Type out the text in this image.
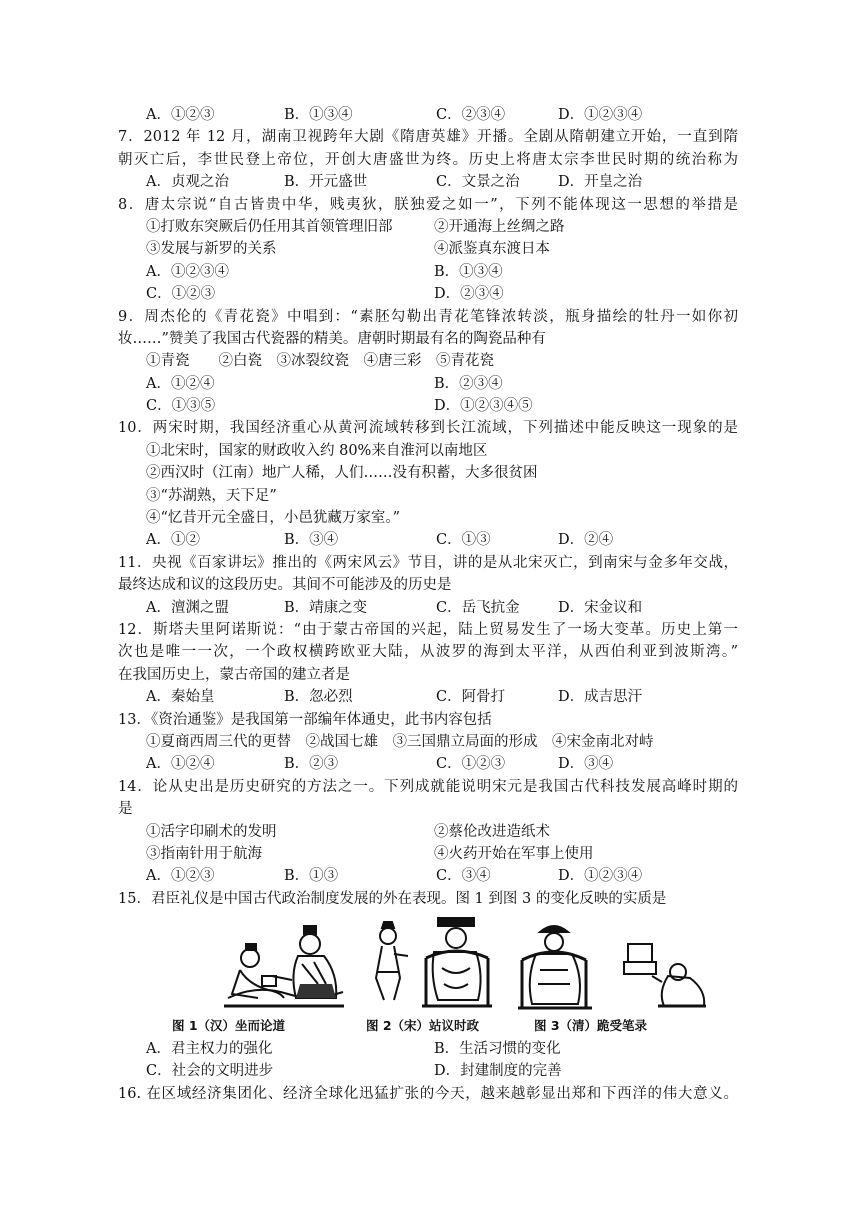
A．①②③	B．①③④	C．②③④	D．①②③④
7．2012 年 12 月，湖南卫视跨年大剧《隋唐英雄》开播。全剧从隋朝建立开始，一直到隋
朝灭亡后，李世民登上帝位，开创大唐盛世为终。历史上将唐太宗李世民时期的统治称为
A．贞观之治	B．开元盛世	C．文景之治	D．开皇之治
8．唐太宗说“自古皆贵中华，贱夷狄，朕独爱之如一”，下列不能体现这一思想的举措是
①打败东突厥后仍任用其首领管理旧部	②开通海上丝绸之路
③发展与新罗的关系	④派鉴真东渡日本
A．①②③④	B．①③④
C．①②③	D．②③④
9．周杰伦的《青花瓷》中唱到：“素胚勾勒出青花笔锋浓转淡，瓶身描绘的牡丹一如你初
妆……”赞美了我国古代瓷器的精美。唐朝时期最有名的陶瓷品种有
①青瓷　　②白瓷　③冰裂纹瓷　④唐三彩　⑤青花瓷
A．①②④	B．②③④
C．①③⑤	D．①②③④⑤
10．两宋时期，我国经济重心从黄河流域转移到长江流域，下列描述中能反映这一现象的是
①北宋时，国家的财政收入约 80%来自淮河以南地区
②西汉时（江南）地广人稀，人们……没有积蓄，大多很贫困
③“苏湖熟，天下足”
④“忆昔开元全盛日，小邑犹藏万家室。”
A．①②	B．③④	C．①③	D．②④
11．央视《百家讲坛》推出的《两宋风云》节目，讲的是从北宋灭亡，到南宋与金多年交战，
最终达成和议的这段历史。其间不可能涉及的历史是
A．澶渊之盟	B．靖康之变	C．岳飞抗金	D．宋金议和
12．斯塔夫里阿诺斯说：“由于蒙古帝国的兴起，陆上贸易发生了一场大变革。历史上第一
次也是唯一一次，一个政权横跨欧亚大陆，从波罗的海到太平洋，从西伯利亚到波斯湾。”
在我国历史上，蒙古帝国的建立者是
A．秦始皇	B．忽必烈	C．阿骨打	D．成吉思汗
13．《资治通鉴》是我国第一部编年体通史，此书内容包括
①夏商西周三代的更替　②战国七雄　③三国鼎立局面的形成　④宋金南北对峙
A．①②④	B．②③	C．①②③	D．③④
14．论从史出是历史研究的方法之一。下列成就能说明宋元是我国古代科技发展高峰时期的
是
①活字印刷术的发明	②蔡伦改进造纸术
③指南针用于航海	④火药开始在军事上使用
A．①②③	B．①③	C．③④	D．①②③④
15．君臣礼仪是中国古代政治制度发展的外在表现。图 1 到图 3 的变化反映的实质是
图 1（汉）坐而论道	图 2（宋）站议时政	图 3（清）跪受笔录
A．君主权力的强化	B．生活习惯的变化
C．社会的文明进步	D．封建制度的完善
16. 在区域经济集团化、经济全球化迅猛扩张的今天，越来越彰显出郑和下西洋的伟大意义。
